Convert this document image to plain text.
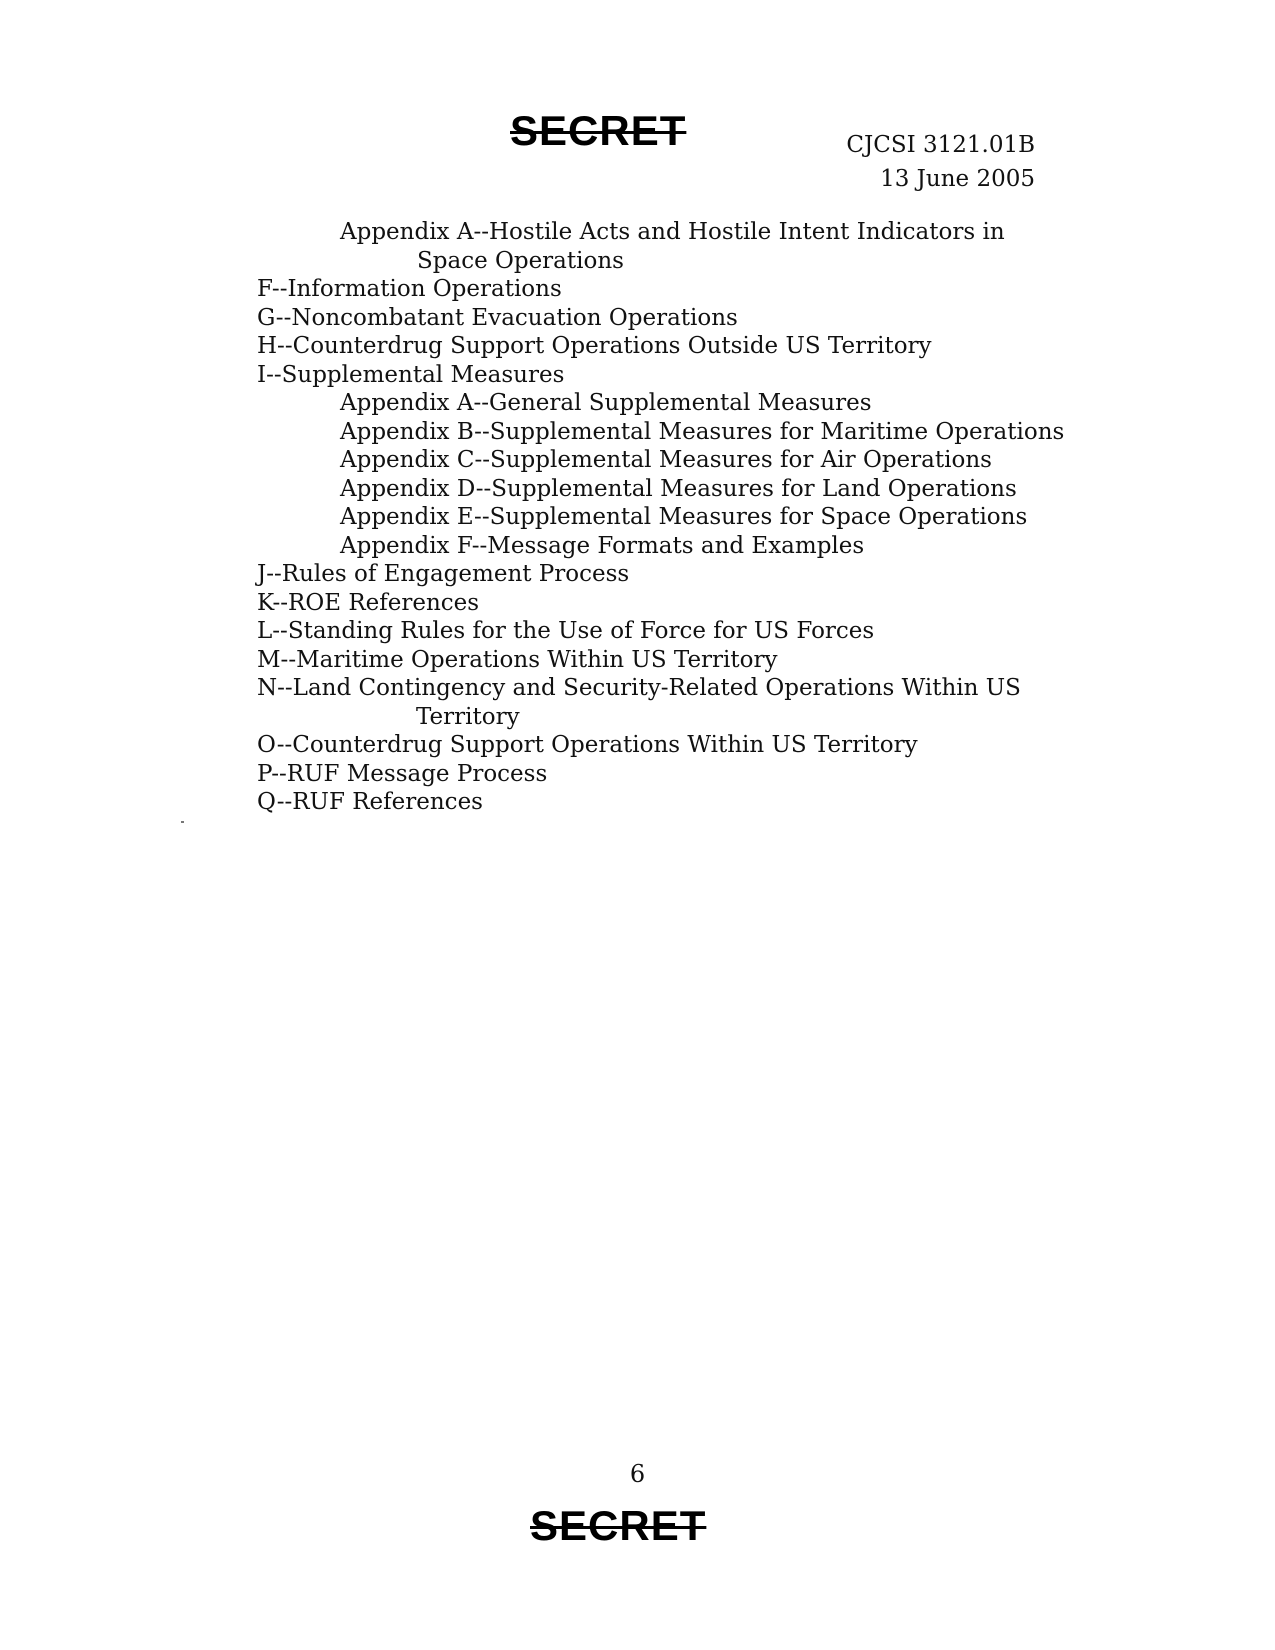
SECRET	CJCSI 3121.01B
13 June 2005
Appendix A--Hostile Acts and Hostile Intent Indicators in
Space Operations
F--Information Operations
G--Noncombatant Evacuation Operations
H--Counterdrug Support Operations Outside US Territory
I--Supplemental Measures
Appendix A--General Supplemental Measures
Appendix B--Supplemental Measures for Maritime Operations
Appendix C--Supplemental Measures for Air Operations
Appendix D--Supplemental Measures for Land Operations
Appendix E--Supplemental Measures for Space Operations
Appendix F--Message Formats and Examples
J--Rules of Engagement Process
K--ROE References
L--Standing Rules for the Use of Force for US Forces
M--Maritime Operations Within US Territory
N--Land Contingency and Security-Related Operations Within US
Territory
O--Counterdrug Support Operations Within US Territory
P--RUF Message Process
Q--RUF References
6
SECRET
